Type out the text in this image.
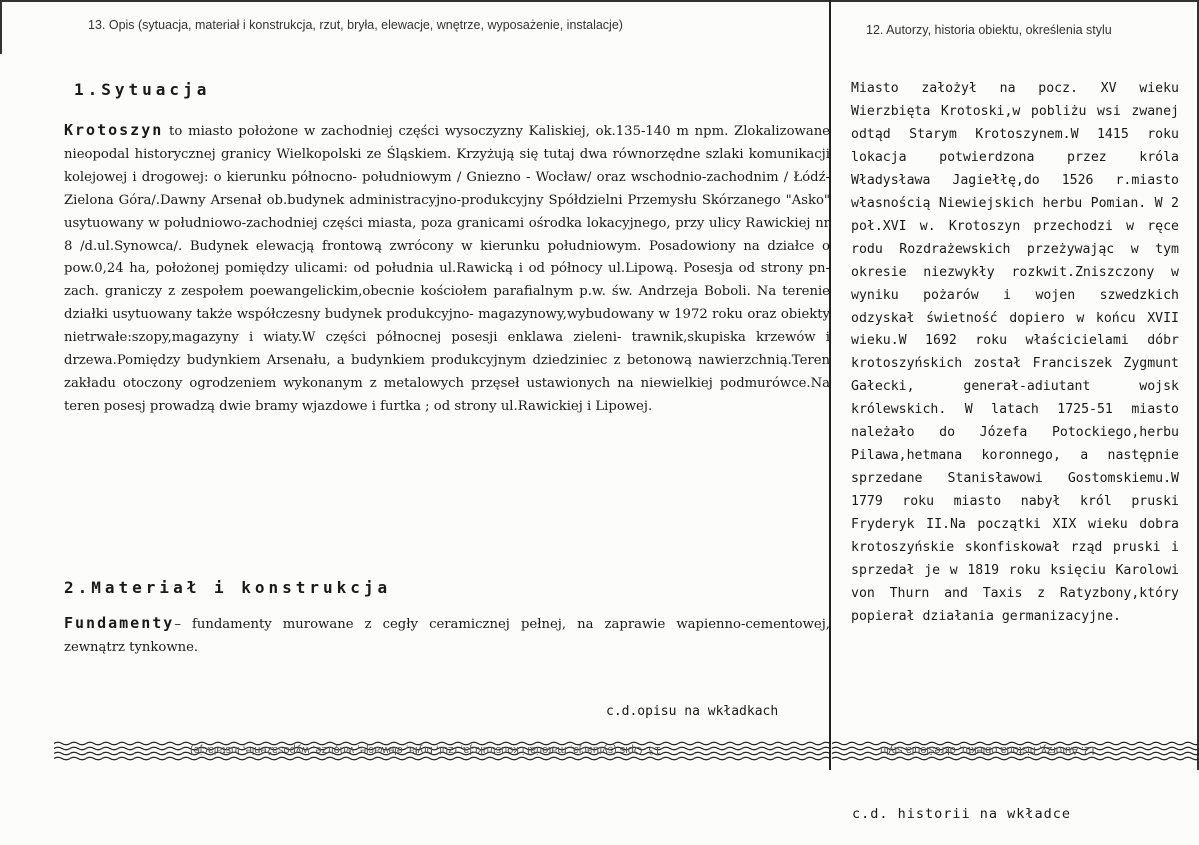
13. Opis (sytuacja, materiał i konstrukcja, rzut, bryła, elewacje, wnętrze, wyposażenie, instalacje)	12. Autorzy, historia obiektu, określenia stylu
1.Sytuacja
Krotoszyn to miasto położone w zachodniej części wysoczyzny Kaliskiej, ok.135-140 m npm. Zlokalizowane nieopodal historycznej granicy Wielkopolski ze Śląskiem. Krzyżują się tutaj dwa równorzędne szlaki komunikacji kolejowej i drogowej: o kierunku północno- południowym / Gniezno - Wocław/ oraz wschodnio-zachodnim / Łódź- Zielona Góra/.Dawny Arsenał ob.budynek administracyjno-produkcyjny Spółdzielni Przemysłu Skórzanego "Asko" usytuowany w południowo-zachodniej części miasta, poza granicami ośrodka lokacyjnego, przy ulicy Rawickiej nr 8 /d.ul.Synowca/. Budynek elewacją frontową zwrócony w kierunku południowym. Posadowiony na działce o pow.0,24 ha, położonej pomiędzy ulicami: od południa ul.Rawicką i od północy ul.Lipową. Posesja od strony pn-zach. graniczy z zespołem poewangelickim,obecnie kościołem parafialnym p.w. św. Andrzeja Boboli. Na terenie działki usytuowany także współczesny budynek produkcyjno- magazynowy,wybudowany w 1972 roku oraz obiekty nietrwałe:szopy,magazyny i wiaty.W części północnej posesji enklawa zieleni- trawnik,skupiska krzewów i drzewa.Pomiędzy budynkiem Arsenału, a budynkiem produkcyjnym dziedziniec z betonową nawierzchnią.Teren zakładu otoczony ogrodzeniem wykonanym z metalowych przęseł ustawionych na niewielkiej podmurówce.Na teren posesj prowadzą dwie bramy wjazdowe i furtka ; od strony ul.Rawickiej i Lipowej.
2.Materiał i konstrukcja
Fundamenty– fundamenty murowane z cegły ceramicznej pełnej, na zaprawie wapienno-cementowej, zewnątrz tynkowne.
c.d.opisu na wkładkach
Miasto założył na pocz. XV wieku Wierzbięta Krotoski,w pobliżu wsi zwanej odtąd Starym Krotoszynem.W 1415 roku lokacja potwierdzona przez króla Władysława Jagiełłę,do 1526 r.miasto własnością Niewiejskich herbu Pomian. W 2 poł.XVI w. Krotoszyn przechodzi w ręce rodu Rozdrażewskich przeżywając w tym okresie niezwykły rozkwit.Zniszczony w wyniku pożarów i wojen szwedzkich odzyskał świetność dopiero w końcu XVII wieku.W 1692 roku właścicielami dóbr krotoszyńskich został Franciszek Zygmunt Gałecki, generał-adiutant wojsk królewskich. W latach 1725-51 miasto należało do Józefa Potockiego,herbu Pilawa,hetmana koronnego, a następnie sprzedane Stanisławowi Gostomskiemu.W 1779 roku miasto nabył król pruski Fryderyk II.Na początki XIX wieku dobra krotoszyńskie skonfiskował rząd pruski i sprzedał je w 1819 roku księciu Karolowi von Thurn and Taxis z Ratyzbony,który popierał działania germanizacyjne.
13. Opis (sytuacja, materiał i konstrukcja, rzut, bryła, elewacje, wnętrze, wyposażenie, instalacje)	12. Autorzy, historia obiektu, określenia stylu
c.d. historii na wkładce
